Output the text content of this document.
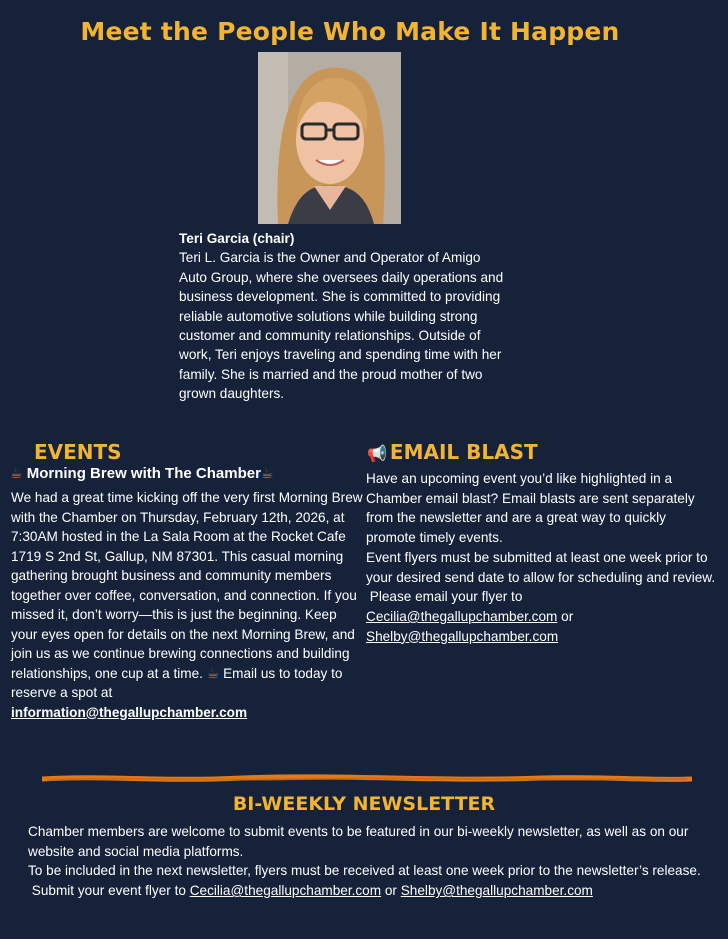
Meet the People Who Make It Happen
Teri Garcia (chair)
Teri L. Garcia is the Owner and Operator of Amigo Auto Group, where she oversees daily operations and business development. She is committed to providing reliable automotive solutions while building strong customer and community relationships. Outside of work, Teri enjoys traveling and spending time with her family. She is married and the proud mother of two grown daughters.
EVENTS
☕ Morning Brew with The Chamber☕
We had a great time kicking off the very first Morning Brew with the Chamber on Thursday, February 12th, 2026, at 7:30AM hosted in the La Sala Room at the Rocket Cafe 1719 S 2nd St, Gallup, NM 87301. This casual morning gathering brought business and community members together over coffee, conversation, and connection. If you missed it, don’t worry—this is just the beginning. Keep your eyes open for details on the next Morning Brew, and join us as we continue brewing connections and building relationships, one cup at a time. ☕ Email us to today to reserve a spot at
information@thegallupchamber.com
📢 EMAIL BLAST
Have an upcoming event you’d like highlighted in a Chamber email blast? Email blasts are sent separately from the newsletter and are a great way to quickly promote timely events.
Event flyers must be submitted at least one week prior to your desired send date to allow for scheduling and review.
Please email your flyer to
Cecilia@thegallupchamber.com or
Shelby@thegallupchamber.com
BI-WEEKLY NEWSLETTER
Chamber members are welcome to submit events to be featured in our bi-weekly newsletter, as well as on our website and social media platforms.
To be included in the next newsletter, flyers must be received at least one week prior to the newsletter’s release.
Submit your event flyer to Cecilia@thegallupchamber.com or Shelby@thegallupchamber.com
